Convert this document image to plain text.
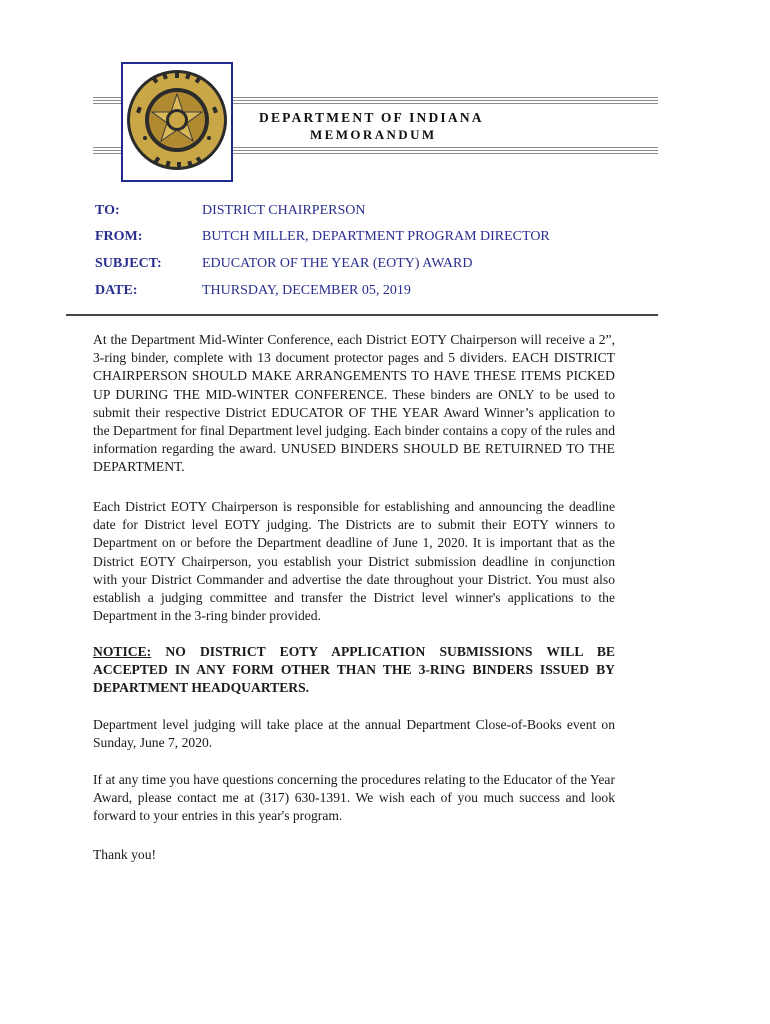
DEPARTMENT OF INDIANA
MEMORANDUM
TO:	DISTRICT CHAIRPERSON
FROM:	BUTCH MILLER, DEPARTMENT PROGRAM DIRECTOR
SUBJECT:	EDUCATOR OF THE YEAR (EOTY) AWARD
DATE:	THURSDAY, DECEMBER 05, 2019
At the Department Mid-Winter Conference, each District EOTY Chairperson will receive a 2”, 3-ring binder, complete with 13 document protector pages and 5 dividers. EACH DISTRICT CHAIRPERSON SHOULD MAKE ARRANGEMENTS TO HAVE THESE ITEMS PICKED UP DURING THE MID-WINTER CONFERENCE. These binders are ONLY to be used to submit their respective District EDUCATOR OF THE YEAR Award Winner’s application to the Department for final Department level judging. Each binder contains a copy of the rules and information regarding the award. UNUSED BINDERS SHOULD BE RETUIRNED TO THE DEPARTMENT.
Each District EOTY Chairperson is responsible for establishing and announcing the deadline date for District level EOTY judging. The Districts are to submit their EOTY winners to Department on or before the Department deadline of June 1, 2020. It is important that as the District EOTY Chairperson, you establish your District submission deadline in conjunction with your District Commander and advertise the date throughout your District. You must also establish a judging committee and transfer the District level winner's applications to the Department in the 3-ring binder provided.
NOTICE: NO DISTRICT EOTY APPLICATION SUBMISSIONS WILL BE ACCEPTED IN ANY FORM OTHER THAN THE 3-RING BINDERS ISSUED BY DEPARTMENT HEADQUARTERS.
Department level judging will take place at the annual Department Close-of-Books event on Sunday, June 7, 2020.
If at any time you have questions concerning the procedures relating to the Educator of the Year Award, please contact me at (317) 630-1391. We wish each of you much success and look forward to your entries in this year's program.
Thank you!
